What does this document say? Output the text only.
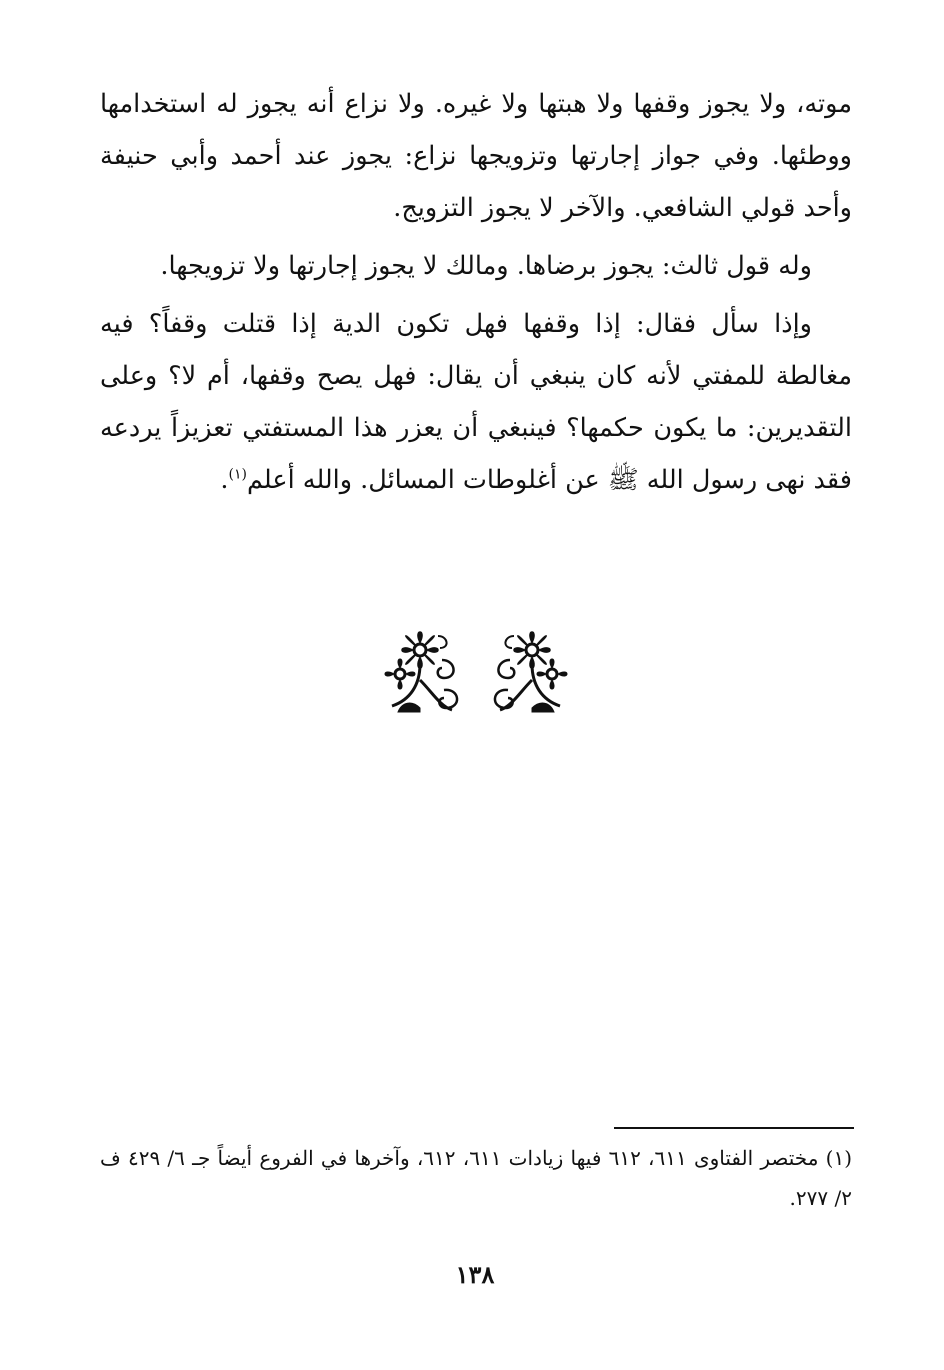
موته، ولا يجوز وقفها ولا هبتها ولا غيره. ولا نزاع أنه يجوز له استخدامها ووطئها. وفي جواز إجارتها وتزويجها نزاع: يجوز عند أحمد وأبي حنيفة وأحد قولي الشافعي. والآخر لا يجوز التزويج.

وله قول ثالث: يجوز برضاها. ومالك لا يجوز إجارتها ولا تزويجها.

وإذا سأل فقال: إذا وقفها فهل تكون الدية إذا قتلت وقفاً؟ فيه مغالطة للمفتي لأنه كان ينبغي أن يقال: فهل يصح وقفها، أم لا؟ وعلى التقديرين: ما يكون حكمها؟ فينبغي أن يعزر هذا المستفتي تعزيزاً يردعه فقد نهى رسول الله ﷺ عن أغلوطات المسائل. والله أعلم$^{(١)}$.

(١) مختصر الفتاوى ٦١١، ٦١٢ فيها زيادات ٦١١، ٦١٢، وآخرها في الفروع أيضاً جـ ٦/ ٤٢٩ ف ٢/ ٢٧٧.

١٣٨
